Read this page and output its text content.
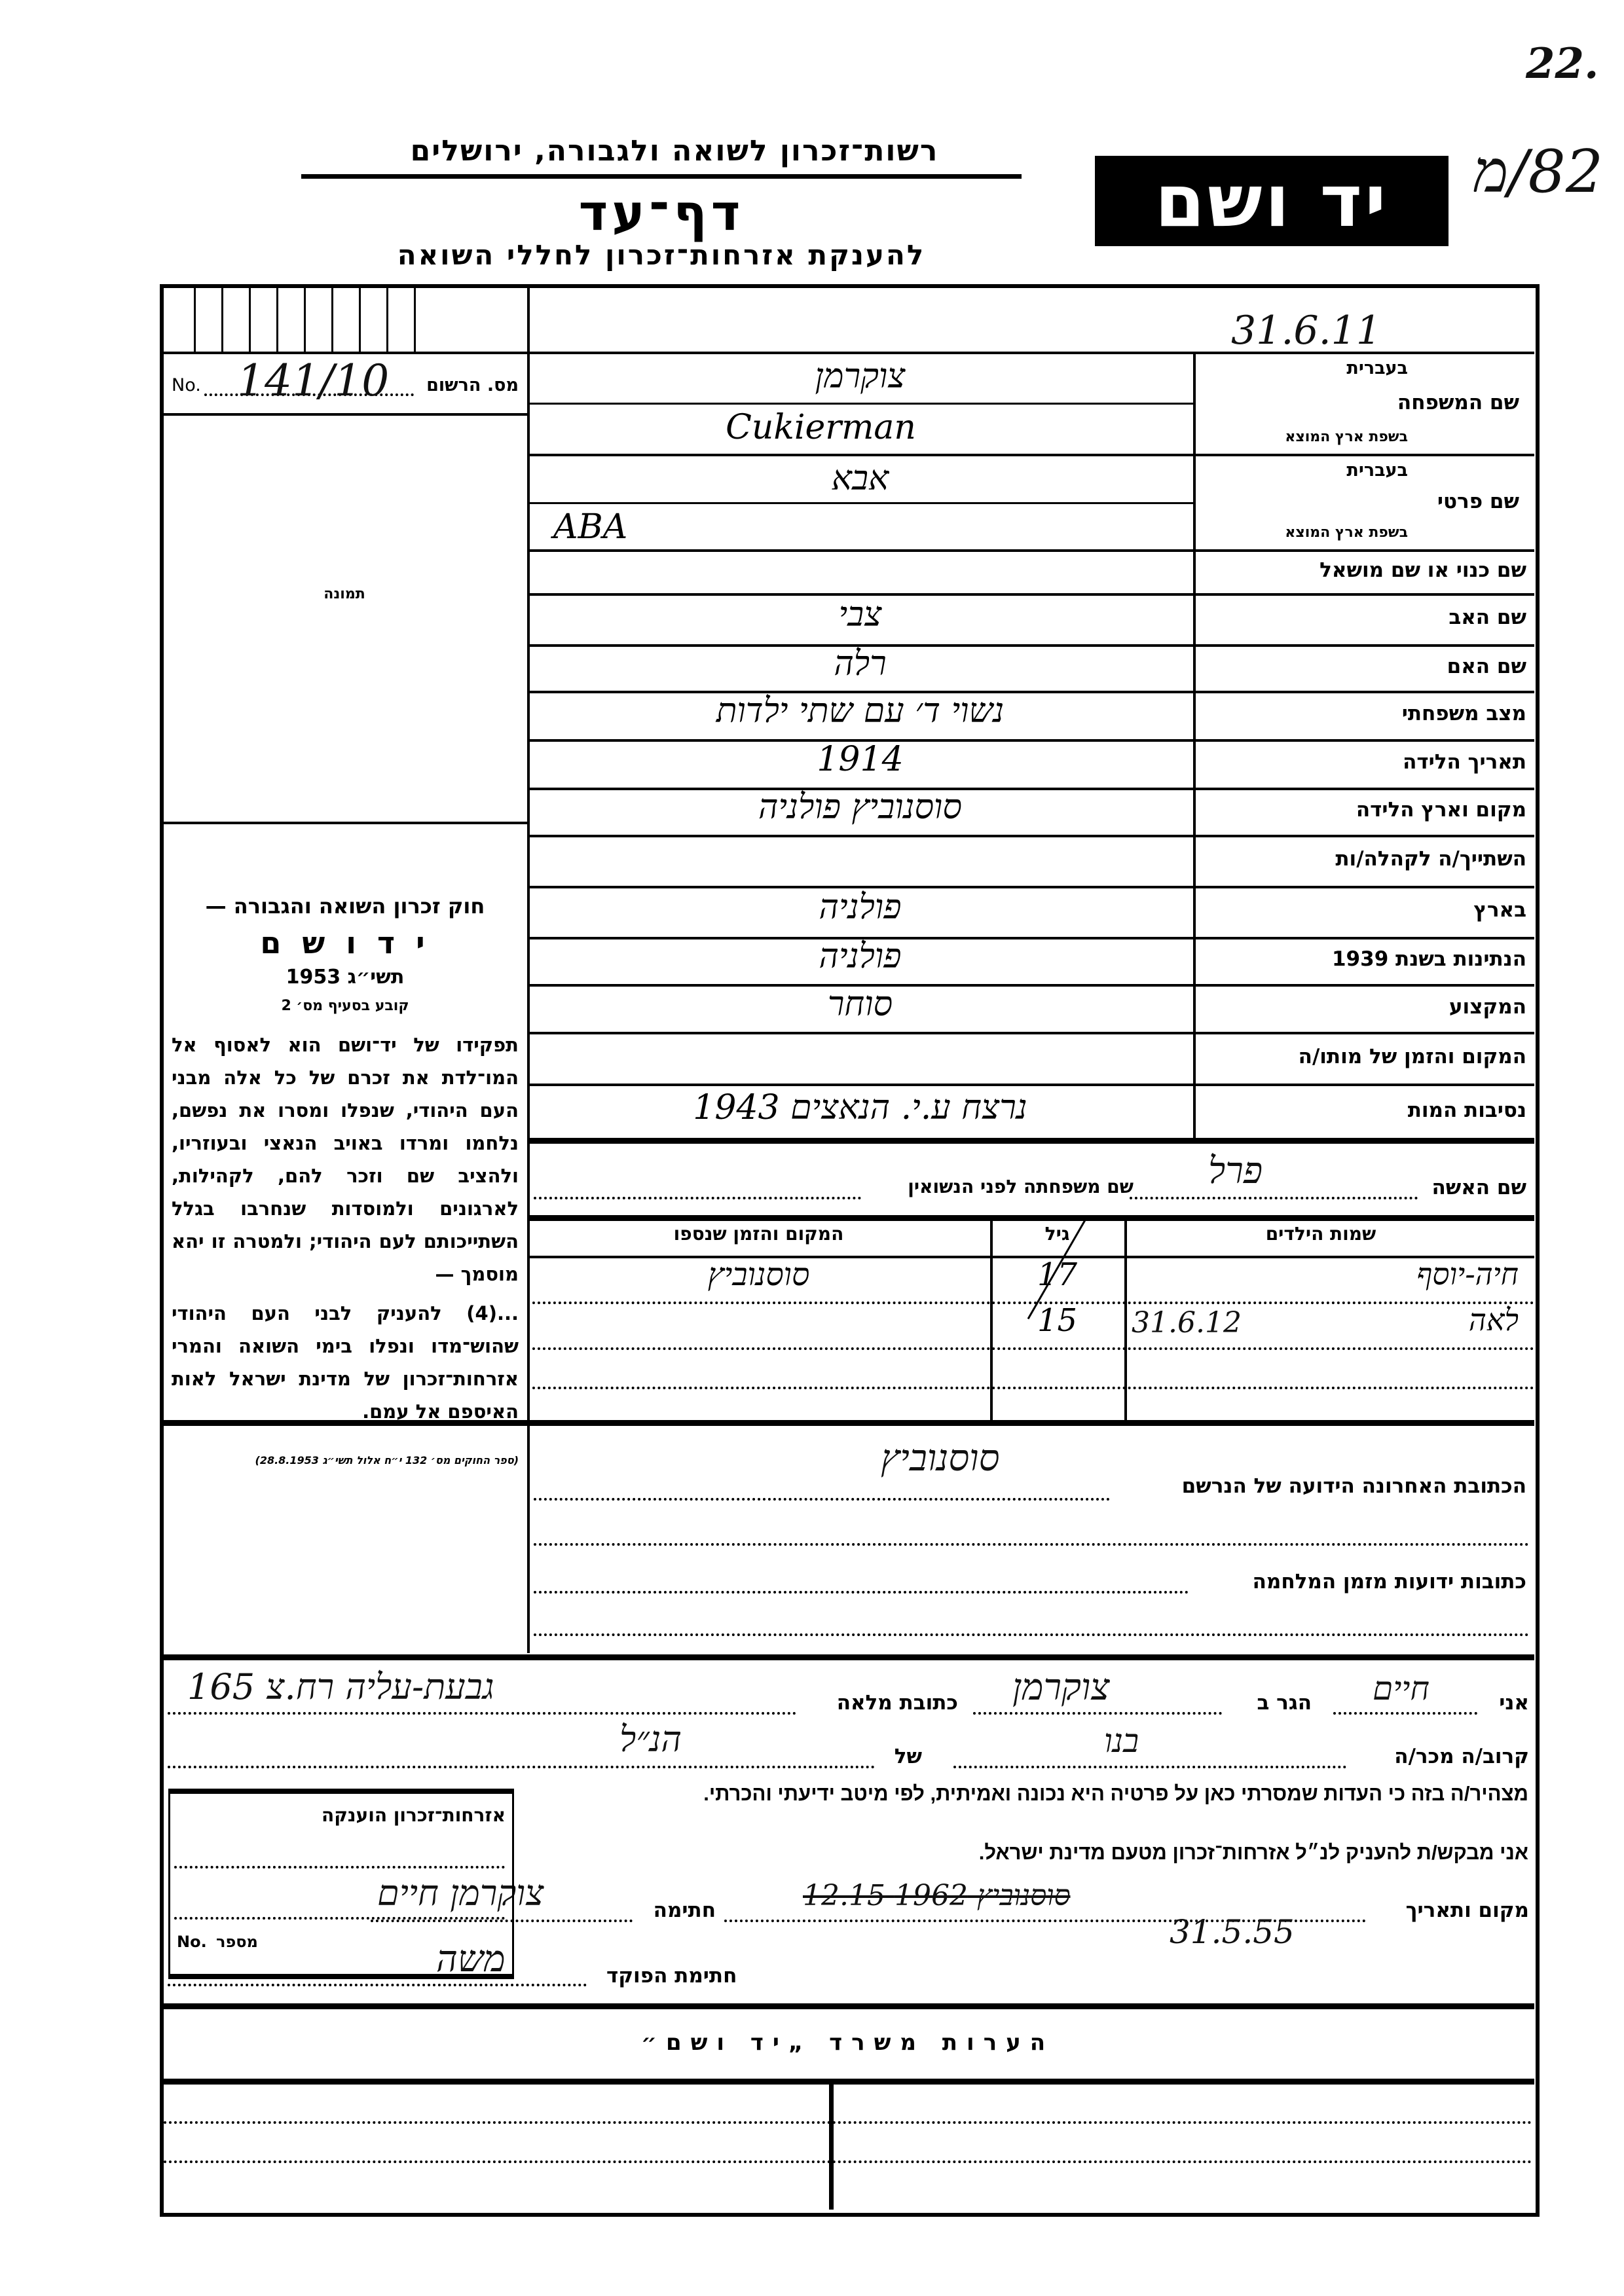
22.
82/מ
רשות־זכרון לשואה ולגבורה, ירושלים
דף־עד
להענקת אזרחות־זכרון לחללי השואה
יד ושם
31.6.11
No. 141/10 מס. הרשום
תמונה
חוק זכרון השואה והגבורה —
י ד ו ש ם
תשי״ג 1953
קובע בסעיף מס׳ 2
תפקידו של יד־ושם הוא לאסוף אל המו־לדת את זכרם של כל אלה מבני העם היהודי, שנפלו ומסרו את נפשם, נלחמו ומרדו באויב הנאצי ובעוזריו, ולהציב שם וזכר להם, לקהילות, לארגונים ולמוסדות שנחרבו בגלל השתייכותם לעם היהודי; ולמטרה זו יהא מוסמך —
...(4) להעניק לבני העם היהודי שהוש־מדו ונפלו בימי השואה והמרי אזרחות־זכרון של מדינת ישראל לאות האיספם אל עמם.
(ספר החוקים מס׳ 132 י״ח אלול תשי״ג 28.8.1953)
שם המשפחה
בעברית
בשפת ארץ המוצא
צוקרמן
Cukierman
שם פרטי
בעברית
בשפת ארץ המוצא
אבא
ABA
שם כנוי או שם מושאל
שם האב
צבי
שם האם
רלה
מצב משפחתי
נשוי ד׳ עם שתי ילדות
תאריך הלידה
1914
מקום וארץ הלידה
סוסנוביץ פולניה
השתייך/ה לקהלה/ות
בארץ
פולניה
הנתינות בשנת 1939
פולניה
המקצוע
סוחר
המקום והזמן של מותו/ה
נסיבות המות
נרצח ע.י. הנאצים 1943
שם האשה
פרל
שם משפחתה לפני הנשואין
שמות הילדים
גיל
המקום והזמן שנספו
חיה-יוסף
17
סוסנוביץ
לאה
15	31.6.12
הכתובת האחרונה הידועה של הנרשם
סוסנוביץ
כתובות ידועות מזמן המלחמה
אני
חיים
הגר ב
צוקרמן
כתובת מלאה
גבעת-עליה רח.צ 165
קרוב/ה מכר/ה
בנו
של
הנ״ל
מצהיר/ה בזה כי העדות שמסרתי כאן על פרטיה היא נכונה ואמיתית, לפי מיטב ידיעתי והכרתי.
אני מבקש/ת להעניק לנ״ל אזרחות־זכרון מטעם מדינת ישראל.
מקום ותאריך
סוסנוביץ 1962 12.15
31.5.55
חתימה
צוקרמן חיים
משה	חתימת הפוקד
אזרחות־זכרון הוענקה
No. מספר
הערות משרד „יד ושם״
